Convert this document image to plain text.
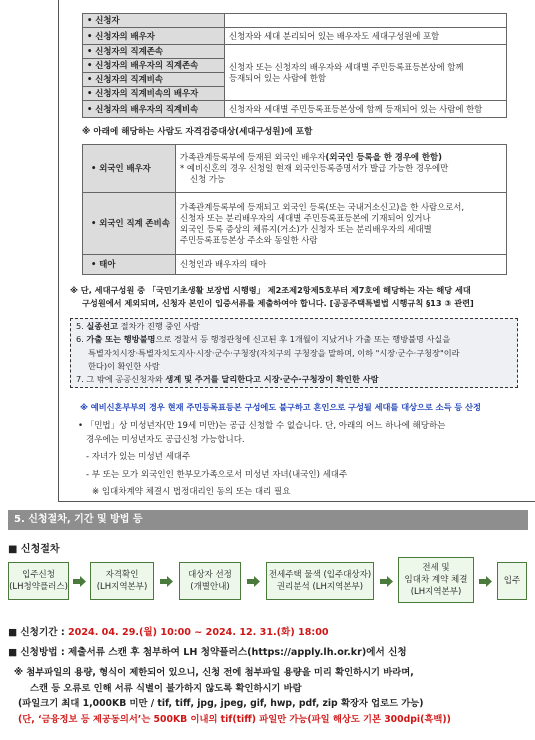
• 신청자	
• 신청자의 배우자	신청자와 세대 분리되어 있는 배우자도 세대구성원에 포함
• 신청자의 직계존속	신청자 또는 신청자의 배우자와 세대별 주민등록표등본상에 함께
등재되어 있는 사람에 한함

• 신청자의 배우자의 직계존속	
• 신청자의 직계비속	
• 신청자의 직계비속의 배우자	
• 신청자의 배우자의 직계비속	신청자와 세대별 주민등록표등본상에 함께 등재되어 있는 사람에 한함
※ 아래에 해당하는 사람도 자격검증대상(세대구성원)에 포함
• 외국인 배우자	가족관계등록부에 등재된 외국인 배우자(외국인 등록을 한 경우에 한함)
* 예비신혼의 경우 신청일 현재 외국인등록증명서가 발급 가능한 경우에만
신청 가능

• 외국인 직계 존비속	가족관계등록부에 등재되고 외국인 등록(또는 국내거소신고)을 한 사람으로서,
신청자 또는 분리배우자의 세대별 주민등록표등본에 기재되어 있거나
외국인 등록 증상의 체류지(거소)가 신청자 또는 분리배우자의 세대별
주민등록표등본상 주소와 동일한 사람

• 태아	신청인과 배우자의 태아
※ 단, 세대구성원 중 「국민기초생활 보장법 시행령」 제2조제2항제5호부터 제7호에 해당하는 자는 해당 세대
구성원에서 제외되며, 신청자 본인이 입증서류를 제출하여야 합니다. [공공주택특별법 시행규칙 §13 ③ 관련]
5. 실종선고 절차가 진행 중인 사람
6. 가출 또는 행방불명으로 경찰서 등 행정관청에 신고된 후 1개월이 지났거나 가출 또는 행방불명 사실을
특별자치시장·특별자치도지사·시장·군수·구청장(자치구의 구청장을 말하며, 이하 "시장·군수·구청장"이라
한다)이 확인한 사람
7. 그 밖에 공공신청자와 생계 및 주거를 달리한다고 시장·군수·구청장이 확인한 사람
※ 예비신혼부부의 경우 현재 주민등록표등본 구성에도 불구하고 혼인으로 구성될 세대를 대상으로 소득 등 산정
• 「민법」상 미성년자(만 19세 미만)는 공급 신청할 수 없습니다. 단, 아래의 어느 하나에 해당하는
경우에는 미성년자도 공급신청 가능합니다.
- 자녀가 있는 미성년 세대주
- 부 또는 모가 외국인인 한부모가족으로서 미성년 자녀(내국인) 세대주
※ 임대차계약 체결시 법정대리인 동의 또는 대리 필요
5. 신청절차, 기간 및 방법 등
■ 신청절차
입주신청
(LH청약플러스)
자격확인
(LH지역본부)
대상자 선정
(개별안내)
전세주택 물색 (입주대상자)
권리분석 (LH지역본부)
전세 및
임대차 계약 체결
(LH지역본부)
입주
■ 신청기간 : 2024. 04. 29.(월) 10:00 ~ 2024. 12. 31.(화) 18:00
■ 신청방법 : 제출서류 스캔 후 첨부하여 LH 청약플러스(https://apply.lh.or.kr)에서 신청
※ 첨부파일의 용량, 형식이 제한되어 있으니, 신청 전에 첨부파일 용량을 미리 확인하시기 바라며,
스캔 등 오류로 인해 서류 식별이 불가하지 않도록 확인하시기 바람
(파일크기 최대 1,000KB 미만 / tif, tiff, jpg, jpeg, gif, hwp, pdf, zip 확장자 업로드 가능)
(단, ‘금융정보 등 제공동의서’는 500KB 이내의 tif(tiff) 파일만 가능(파일 해상도 기본 300dpi(흑백))
